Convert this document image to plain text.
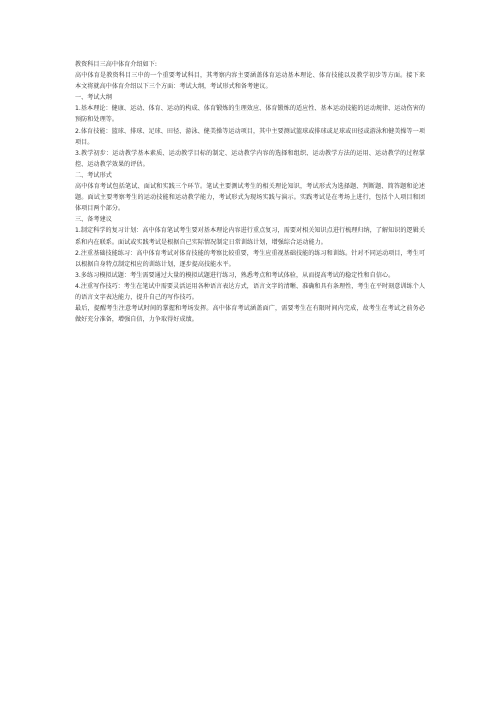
教资科目三高中体育介绍如下:

高中体育是教资科目三中的一个重要考试科目，其考察内容主要涵盖体育运动基本理论、体育技能以及教学初步等方面。接下来本文将就高中体育介绍以下三个方面：考试大纲，考试形式和备考建议。

一、考试大纲

1.基本理论：健康、运动、体育、运动的构成、体育锻炼的生理效应、体育锻炼的适应性、基本运动技能的运动规律、运动伤害的预防和处理等。

2.体育技能：篮球、排球、足球、田径、游泳、健美操等运动项目，其中主要测试篮球或排球或足球或田径或游泳和健美操等一项项目。

3.教学初步：运动教学基本素质、运动教学目标的制定、运动教学内容的选择和组织、运动教学方法的运用、运动教学的过程掌控、运动教学效果的评估。

二、考试形式

高中体育考试包括笔试、面试和实践三个环节。笔试主要测试考生的相关理论知识，考试形式为选择题、判断题、简答题和论述题。面试主要考察考生的运动技能和运动教学能力，考试形式为现场实践与演示。实践考试是在考场上进行，包括个人项目和团体项目两个部分。

三、备考建议

1.制定科学的复习计划：高中体育笔试考生要对基本理论内容进行重点复习，需要对相关知识点进行梳理归纳，了解知识的逻辑关系和内在联系。面试或实践考试是根据自己实际情况制定日常训练计划，增强综合运动能力。

2.注重基础技能练习：高中体育考试对体育技能的考察比较重要，考生应重视基础技能的练习和训练。针对不同运动项目，考生可以根据自身特点制定相应的训练计划，逐步提高技能水平。

3.多练习模拟试题：考生需要通过大量的模拟试题进行练习，熟悉考点和考试体验，从而提高考试的稳定性和自信心。

4.注重写作技巧：考生在笔试中需要灵活运用各种语言表达方式，语言文字的清晰、准确和具有条理性，考生在平时刻意训练个人的语言文字表达能力，提升自己的写作技巧。

最后，提醒考生注意考试时间的掌握和考场发挥。高中体育考试涵盖面广，需要考生在有限时间内完成，故考生在考试之前务必做好充分准备，增强自信，力争取得好成绩。
